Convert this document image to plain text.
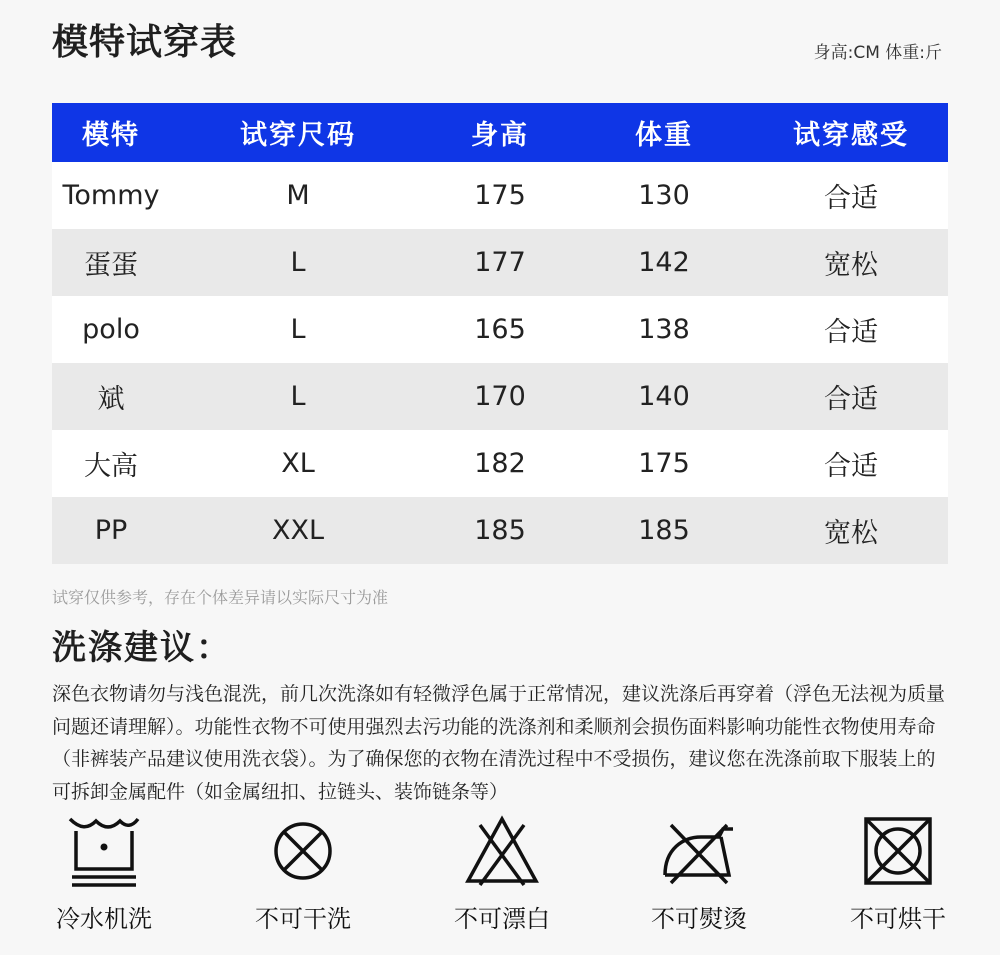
模特试穿表	身高:CM 体重:斤
模特	试穿尺码	身高	体重	试穿感受
Tommy	M	175	130	合适
蛋蛋	L	177	142	宽松
polo	L	165	138	合适
斌	L	170	140	合适
大高	XL	182	175	合适
PP	XXL	185	185	宽松
试穿仅供参考，存在个体差异请以实际尺寸为准
洗涤建议：
深色衣物请勿与浅色混洗，前几次洗涤如有轻微浮色属于正常情况，建议洗涤后再穿着（浮色无法视为质量问题还请理解）。功能性衣物不可使用强烈去污功能的洗涤剂和柔顺剂会损伤面料影响功能性衣物使用寿命（非裤装产品建议使用洗衣袋）。为了确保您的衣物在清洗过程中不受损伤，建议您在洗涤前取下服装上的可拆卸金属配件（如金属纽扣、拉链头、装饰链条等）
冷水机洗	不可干洗	不可漂白	不可熨烫	不可烘干
